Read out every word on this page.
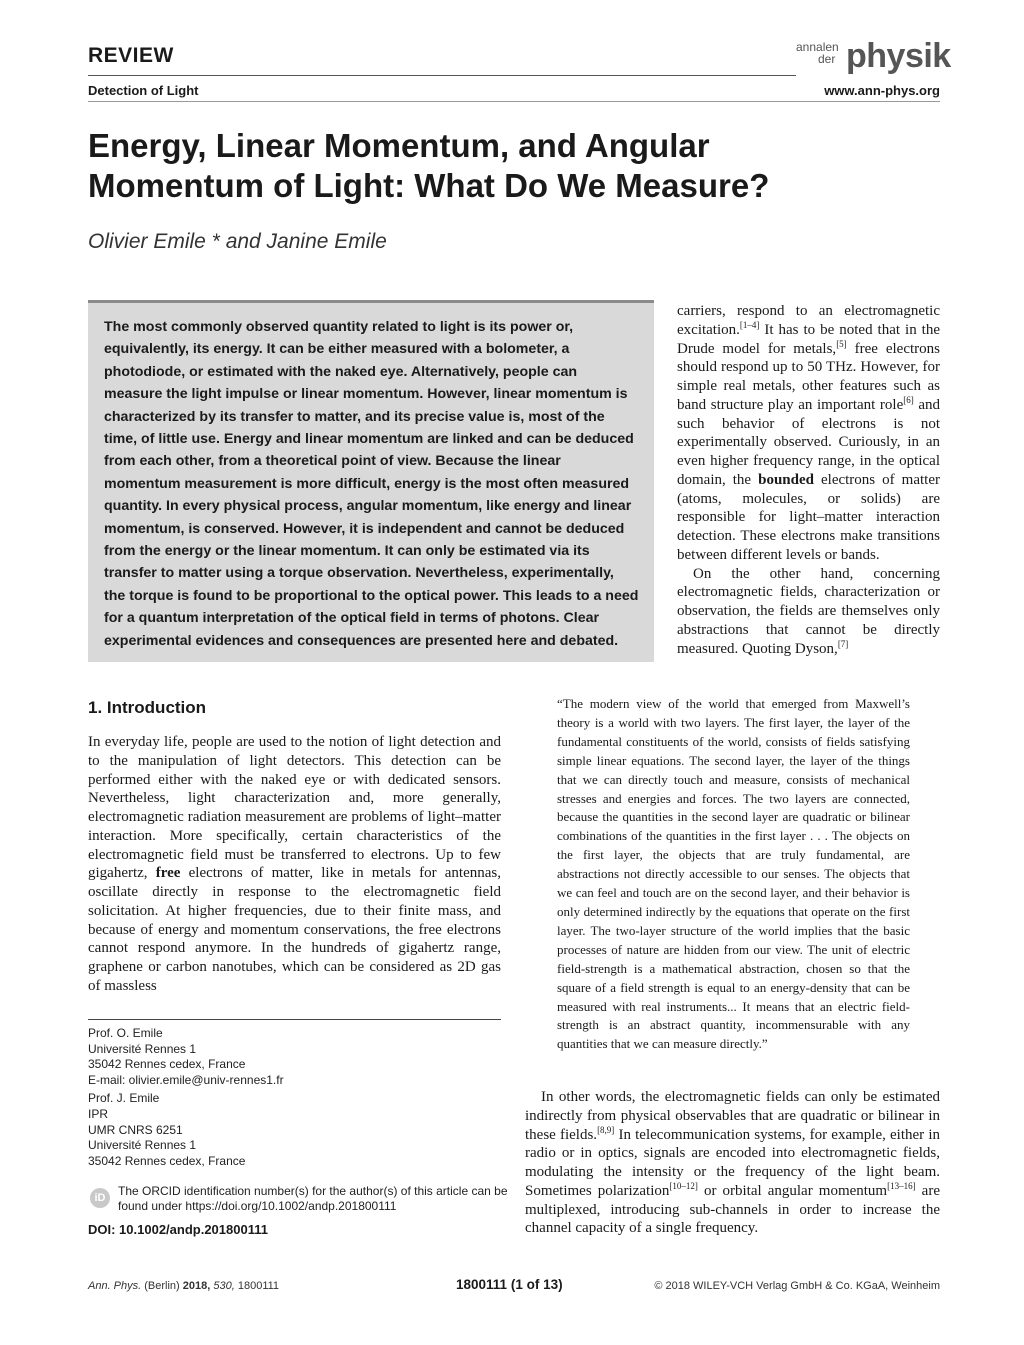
REVIEW
Detection of Light
annalen
der physik
www.ann-phys.org
Energy, Linear Momentum, and Angular Momentum of Light: What Do We Measure?
Olivier Emile * and Janine Emile
The most commonly observed quantity related to light is its power or, equivalently, its energy. It can be either measured with a bolometer, a photodiode, or estimated with the naked eye. Alternatively, people can measure the light impulse or linear momentum. However, linear momentum is characterized by its transfer to matter, and its precise value is, most of the time, of little use. Energy and linear momentum are linked and can be deduced from each other, from a theoretical point of view. Because the linear momentum measurement is more difficult, energy is the most often measured quantity. In every physical process, angular momentum, like energy and linear momentum, is conserved. However, it is independent and cannot be deduced from the energy or the linear momentum. It can only be estimated via its transfer to matter using a torque observation. Nevertheless, experimentally, the torque is found to be proportional to the optical power. This leads to a need for a quantum interpretation of the optical field in terms of photons. Clear experimental evidences and consequences are presented here and debated.

carriers, respond to an electromagnetic excitation.[1–4] It has to be noted that in the Drude model for metals,[5] free electrons should respond up to 50 THz. However, for simple real metals, other features such as band structure play an important role[6] and such behavior of electrons is not experimentally observed. Curiously, in an even higher frequency range, in the optical domain, the bounded electrons of matter (atoms, molecules, or solids) are responsible for light–matter interaction detection. These electrons make transitions between different levels or bands.

On the other hand, concerning electromagnetic fields, characterization or observation, the fields are themselves only abstractions that cannot be directly measured. Quoting Dyson,[7]

1. Introduction

In everyday life, people are used to the notion of light detection and to the manipulation of light detectors. This detection can be performed either with the naked eye or with dedicated sensors. Nevertheless, light characterization and, more generally, electromagnetic radiation measurement are problems of light–matter interaction. More specifically, certain characteristics of the electromagnetic field must be transferred to electrons. Up to few gigahertz, free electrons of matter, like in metals for antennas, oscillate directly in response to the electromagnetic field solicitation. At higher frequencies, due to their finite mass, and because of energy and momentum conservations, the free electrons cannot respond anymore. In the hundreds of gigahertz range, graphene or carbon nanotubes, which can be considered as 2D gas of massless

“The modern view of the world that emerged from Maxwell’s theory is a world with two layers. The first layer, the layer of the fundamental constituents of the world, consists of fields satisfying simple linear equations. The second layer, the layer of the things that we can directly touch and measure, consists of mechanical stresses and energies and forces. The two layers are connected, because the quantities in the second layer are quadratic or bilinear combinations of the quantities in the first layer . . . The objects on the first layer, the objects that are truly fundamental, are abstractions not directly accessible to our senses. The objects that we can feel and touch are on the second layer, and their behavior is only determined indirectly by the equations that operate on the first layer. The two-layer structure of the world implies that the basic processes of nature are hidden from our view. The unit of electric field-strength is a mathematical abstraction, chosen so that the square of a field strength is equal to an energy-density that can be measured with real instruments... It means that an electric field-strength is an abstract quantity, incommensurable with any quantities that we can measure directly.”

In other words, the electromagnetic fields can only be estimated indirectly from physical observables that are quadratic or bilinear in these fields.[8,9] In telecommunication systems, for example, either in radio or in optics, signals are encoded into electromagnetic fields, modulating the intensity or the frequency of the light beam. Sometimes polarization[10–12] or orbital angular momentum[13–16] are multiplexed, introducing sub-channels in order to increase the channel capacity of a single frequency.

Prof. O. Emile
Université Rennes 1
35042 Rennes cedex, France
E-mail: olivier.emile@univ-rennes1.fr
Prof. J. Emile
IPR
UMR CNRS 6251
Université Rennes 1
35042 Rennes cedex, France
iD	The ORCID identification number(s) for the author(s) of this article can be found under https://doi.org/10.1002/andp.201800111
DOI: 10.1002/andp.201800111
Ann. Phys. (Berlin) 2018, 530, 1800111	1800111 (1 of 13)	© 2018 WILEY-VCH Verlag GmbH & Co. KGaA, Weinheim
